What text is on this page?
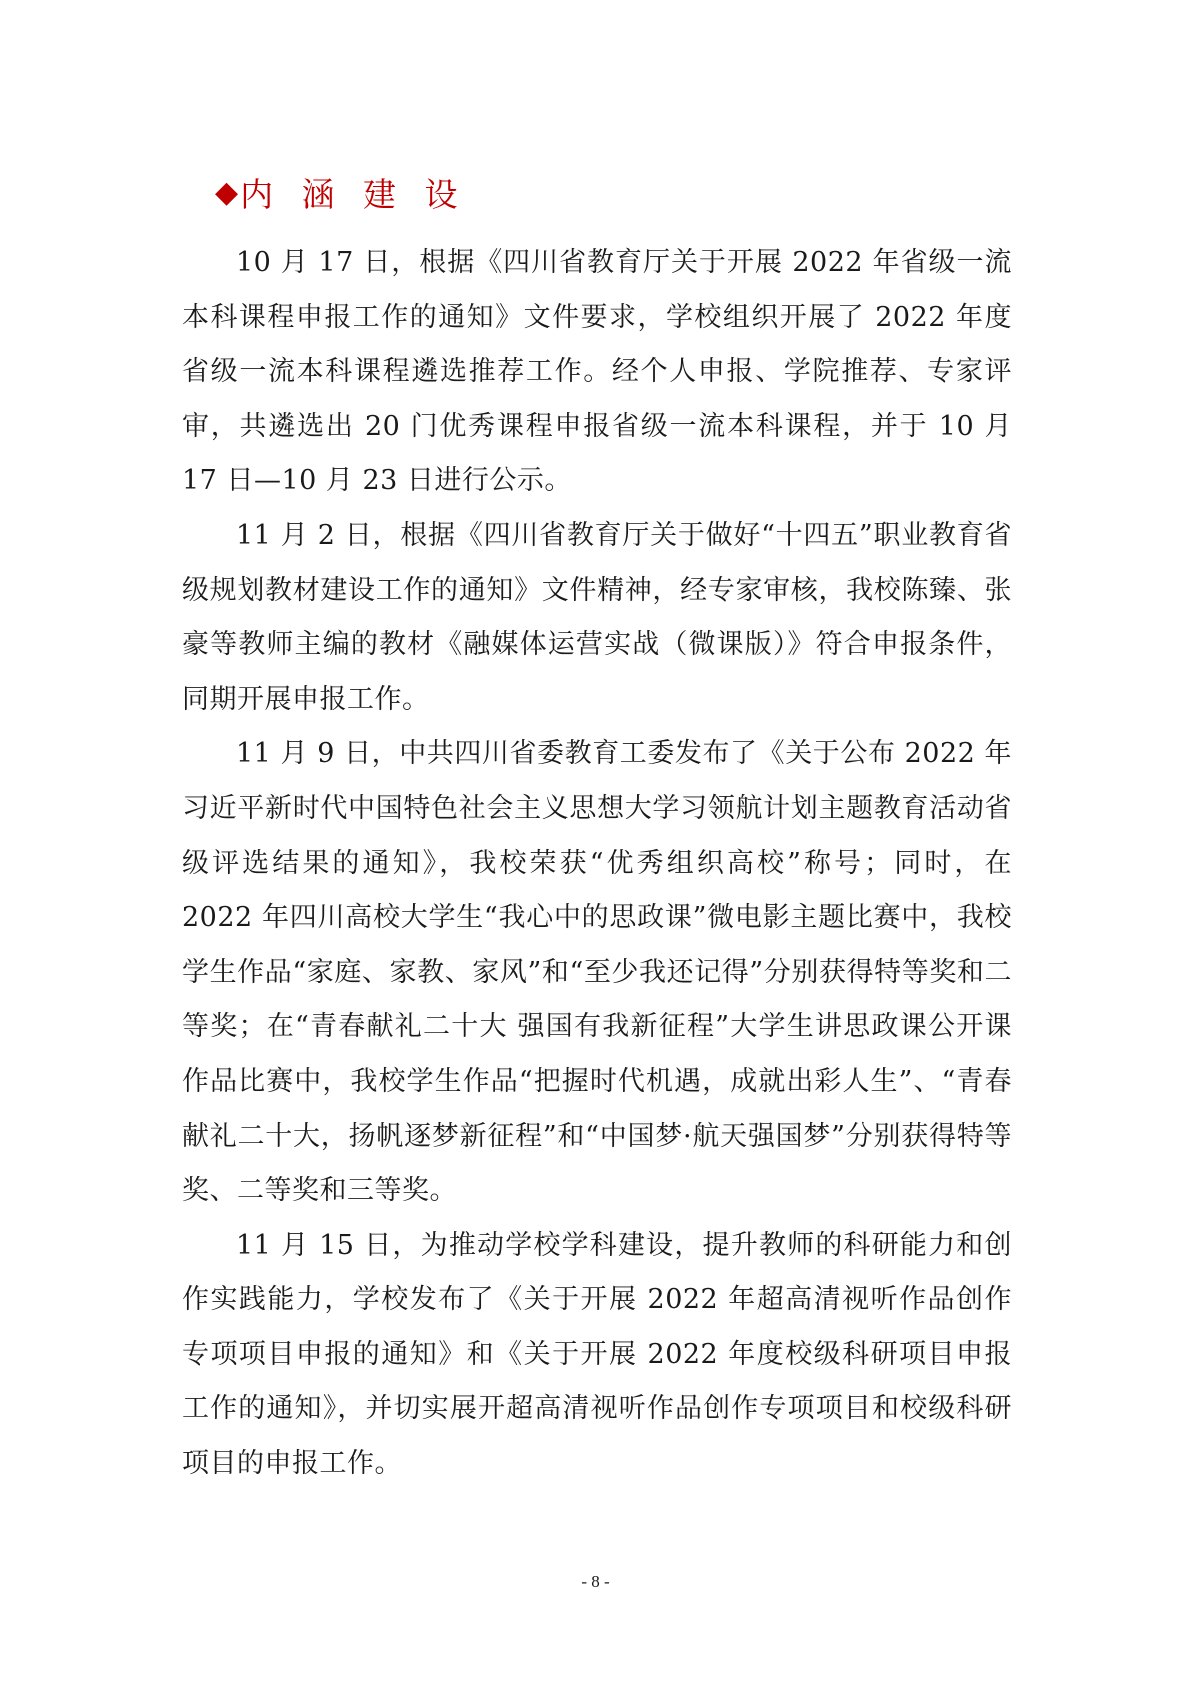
◆ 内 涵 建 设

10 月 17 日，根据《四川省教育厅关于开展 2022 年省级一流本科课程申报工作的通知》文件要求，学校组织开展了 2022 年度省级一流本科课程遴选推荐工作。经个人申报、学院推荐、专家评审，共遴选出 20 门优秀课程申报省级一流本科课程，并于 10 月 17 日—10 月 23 日进行公示。

11 月 2 日，根据《四川省教育厅关于做好“十四五”职业教育省级规划教材建设工作的通知》文件精神，经专家审核，我校陈臻、张豪等教师主编的教材《融媒体运营实战（微课版）》符合申报条件，同期开展申报工作。

11 月 9 日，中共四川省委教育工委发布了《关于公布 2022 年习近平新时代中国特色社会主义思想大学习领航计划主题教育活动省级评选结果的通知》，我校荣获“优秀组织高校”称号；同时，在 2022 年四川高校大学生“我心中的思政课”微电影主题比赛中，我校学生作品“家庭、家教、家风”和“至少我还记得”分别获得特等奖和二等奖；在“青春献礼二十大 强国有我新征程”大学生讲思政课公开课作品比赛中，我校学生作品“把握时代机遇，成就出彩人生”、“青春献礼二十大，扬帆逐梦新征程”和“中国梦·航天强国梦”分别获得特等奖、二等奖和三等奖。

11 月 15 日，为推动学校学科建设，提升教师的科研能力和创作实践能力，学校发布了《关于开展 2022 年超高清视听作品创作专项项目申报的通知》和《关于开展 2022 年度校级科研项目申报工作的通知》，并切实展开超高清视听作品创作专项项目和校级科研项目的申报工作。

- 8 -
